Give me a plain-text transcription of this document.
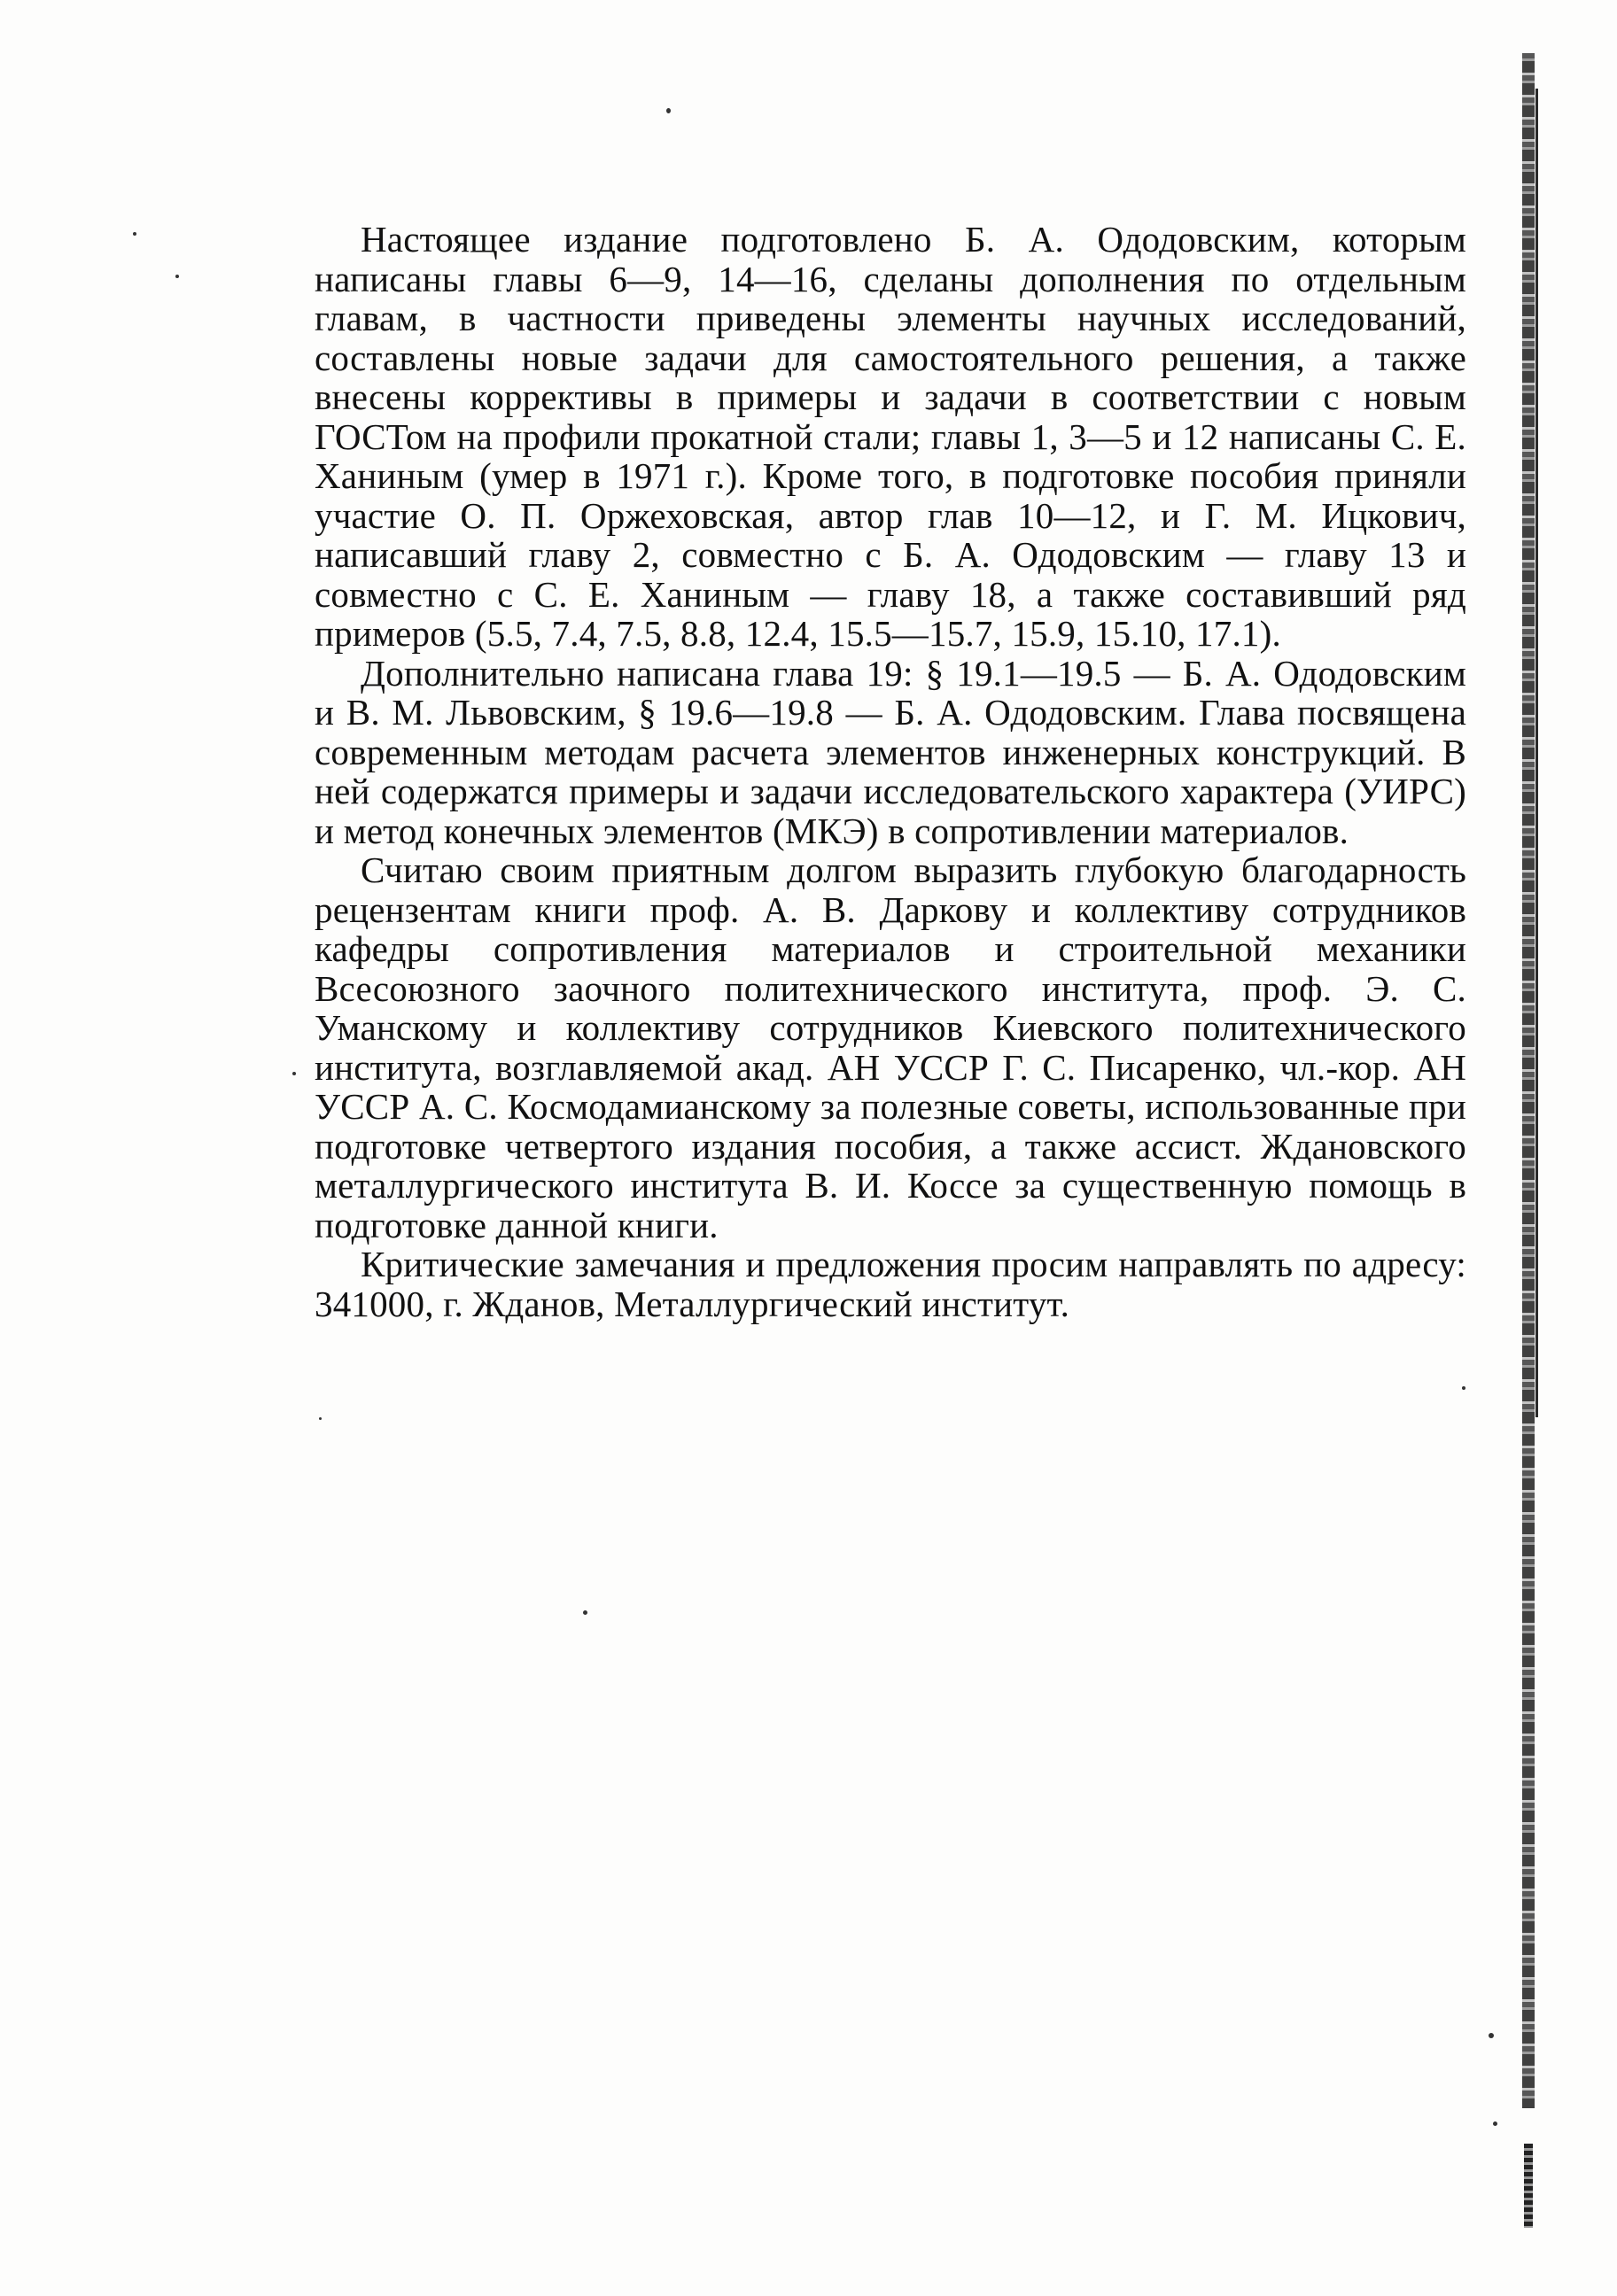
Настоящее издание подготовлено Б. А. Ододовским, которым написаны главы 6—9, 14—16, сделаны дополнения по отдельным главам, в частности приведены элементы научных исследований, составлены новые задачи для самостоятельного решения, а также внесены коррективы в примеры и задачи в соответствии с новым ГОСТом на профили прокатной стали; главы 1, 3—5 и 12 написаны С. Е. Ханиным (умер в 1971 г.). Кроме того, в подготовке пособия приняли участие О. П. Оржеховская, автор глав 10—12, и Г. М. Ицкович, написавший главу 2, совместно с Б. А. Ододовским — главу 13 и совместно с С. Е. Ханиным — главу 18, а также составивший ряд примеров (5.5, 7.4, 7.5, 8.8, 12.4, 15.5—15.7, 15.9, 15.10, 17.1).

Дополнительно написана глава 19: § 19.1—19.5 — Б. А. Ододовским и В. М. Львовским, § 19.6—19.8 — Б. А. Ододовским. Глава посвящена современным методам расчета элементов инженерных конструкций. В ней содержатся примеры и задачи исследовательского характера (УИРС) и метод конечных элементов (МКЭ) в сопротивлении материалов.

Считаю своим приятным долгом выразить глубокую благодарность рецензентам книги проф. А. В. Даркову и коллективу сотрудников кафедры сопротивления материалов и строительной механики Всесоюзного заочного политехнического института, проф. Э. С. Уманскому и коллективу сотрудников Киевского политехнического института, возглавляемой акад. АН УССР Г. С. Писаренко, чл.-кор. АН УССР А. С. Космодамианскому за полезные советы, использованные при подготовке четвертого издания пособия, а также ассист. Ждановского металлургического института В. И. Коссе за существенную помощь в подготовке данной книги.

Критические замечания и предложения просим направлять по адресу: 341000, г. Жданов, Металлургический институт.
